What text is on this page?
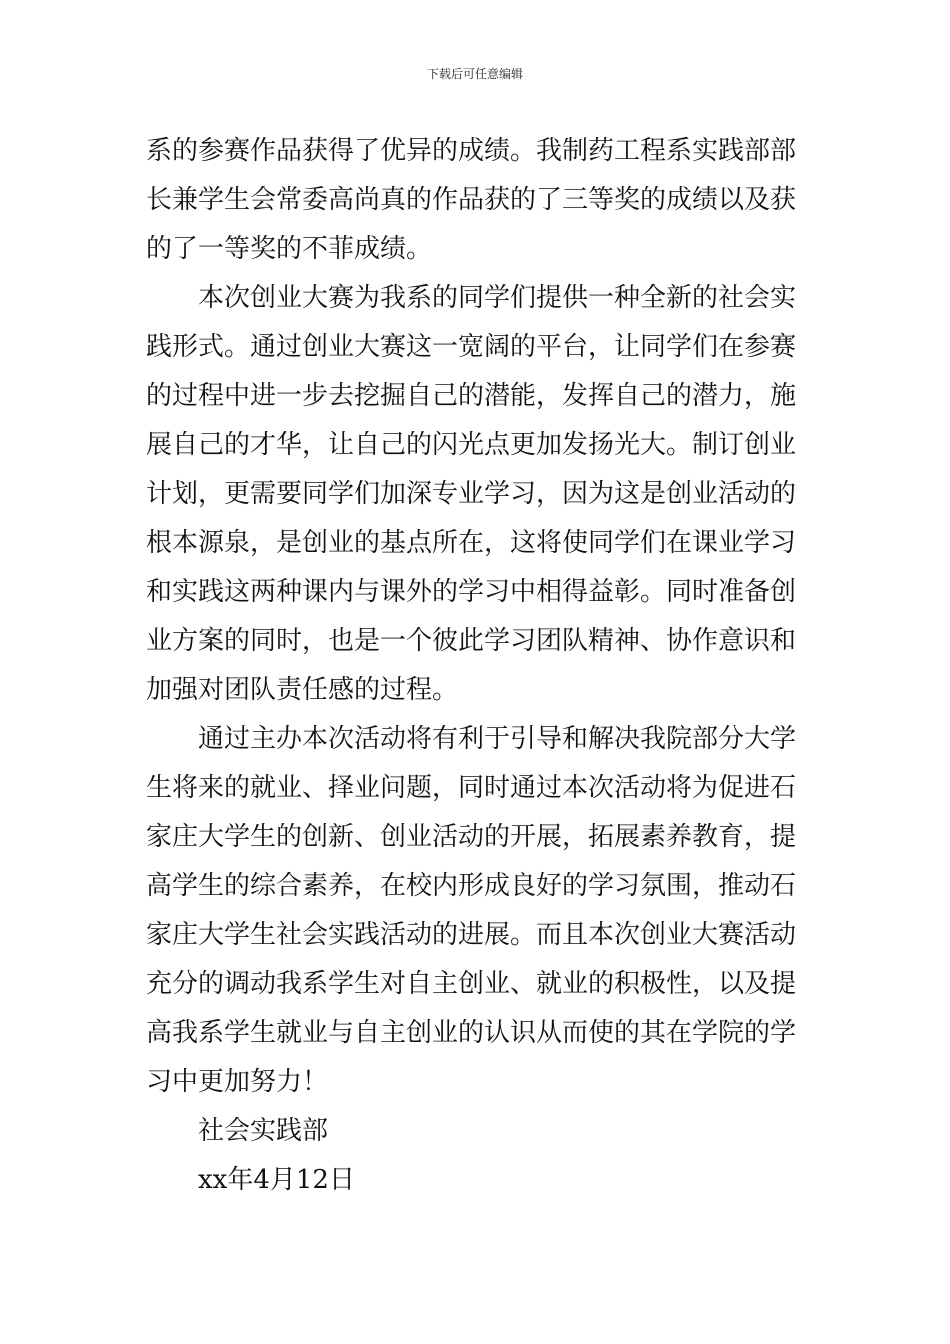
下载后可任意编辑
系的参赛作品获得了优异的成绩。我制药工程系实践部部
长兼学生会常委高尚真的作品获的了三等奖的成绩以及获
的了一等奖的不菲成绩。
本次创业大赛为我系的同学们提供一种全新的社会实
践形式。通过创业大赛这一宽阔的平台，让同学们在参赛
的过程中进一步去挖掘自己的潜能，发挥自己的潜力，施
展自己的才华，让自己的闪光点更加发扬光大。制订创业
计划，更需要同学们加深专业学习，因为这是创业活动的
根本源泉，是创业的基点所在，这将使同学们在课业学习
和实践这两种课内与课外的学习中相得益彰。同时准备创
业方案的同时，也是一个彼此学习团队精神、协作意识和
加强对团队责任感的过程。
通过主办本次活动将有利于引导和解决我院部分大学
生将来的就业、择业问题，同时通过本次活动将为促进石
家庄大学生的创新、创业活动的开展，拓展素养教育，提
高学生的综合素养，在校内形成良好的学习氛围，推动石
家庄大学生社会实践活动的进展。而且本次创业大赛活动
充分的调动我系学生对自主创业、就业的积极性，以及提
高我系学生就业与自主创业的认识从而使的其在学院的学
习中更加努力！
社会实践部
xx年4月12日
